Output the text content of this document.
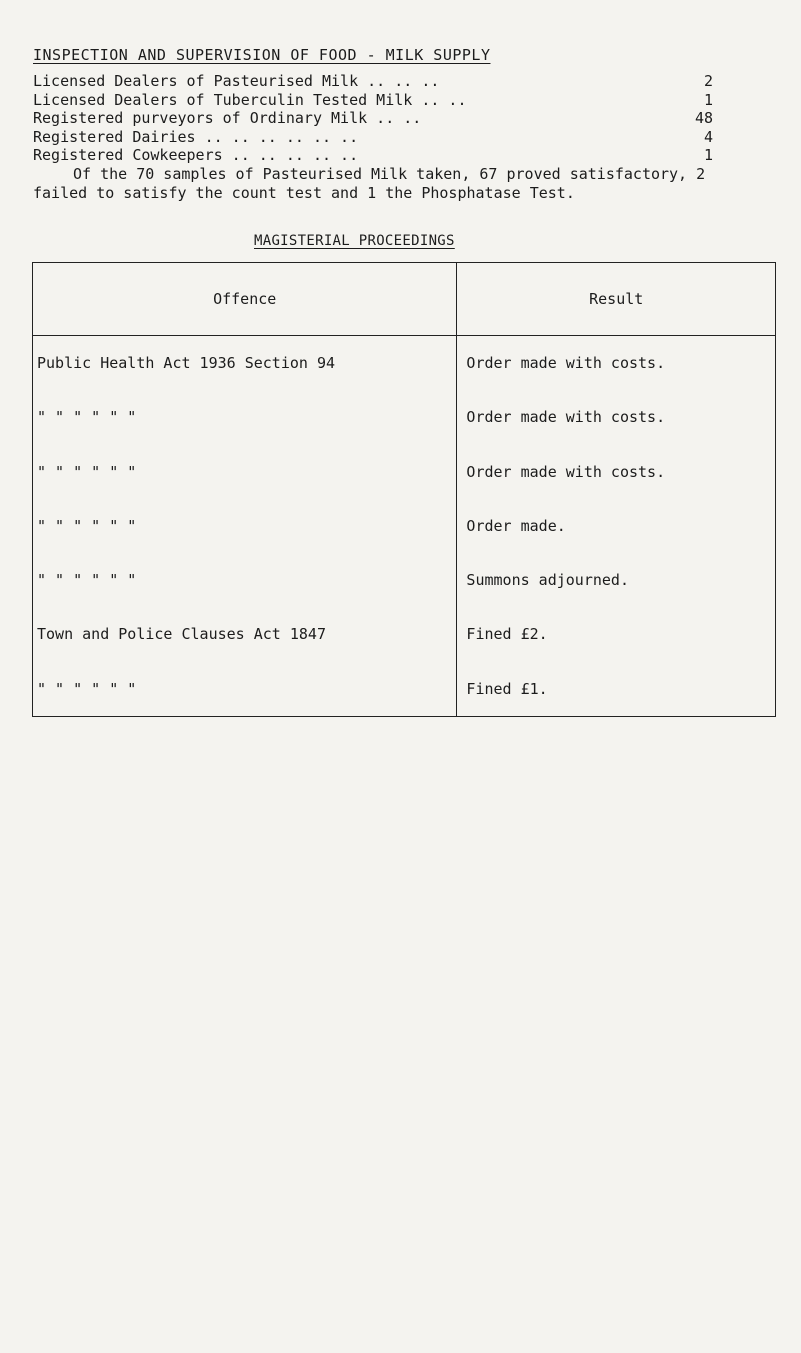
INSPECTION AND SUPERVISION OF FOOD - MILK SUPPLY
Licensed Dealers of Pasteurised Milk .. .. ..	2
Licensed Dealers of Tuberculin Tested Milk .. ..	1
Registered purveyors of Ordinary Milk .. ..	48
Registered Dairies .. .. .. .. .. ..	4
Registered Cowkeepers .. .. .. .. ..	1

Of the 70 samples of Pasteurised Milk taken, 67 proved satisfactory, 2 failed to satisfy the count test and 1 the Phosphatase Test.

MAGISTERIAL PROCEEDINGS
Offence	Result
Public Health Act 1936 Section 94	Order made with costs.
" " " " " "	Order made with costs.
" " " " " "	Order made with costs.
" " " " " "	Order made.
" " " " " "	Summons adjourned.
Town and Police Clauses Act 1847	Fined £2.
" " " " " "	Fined £1.
